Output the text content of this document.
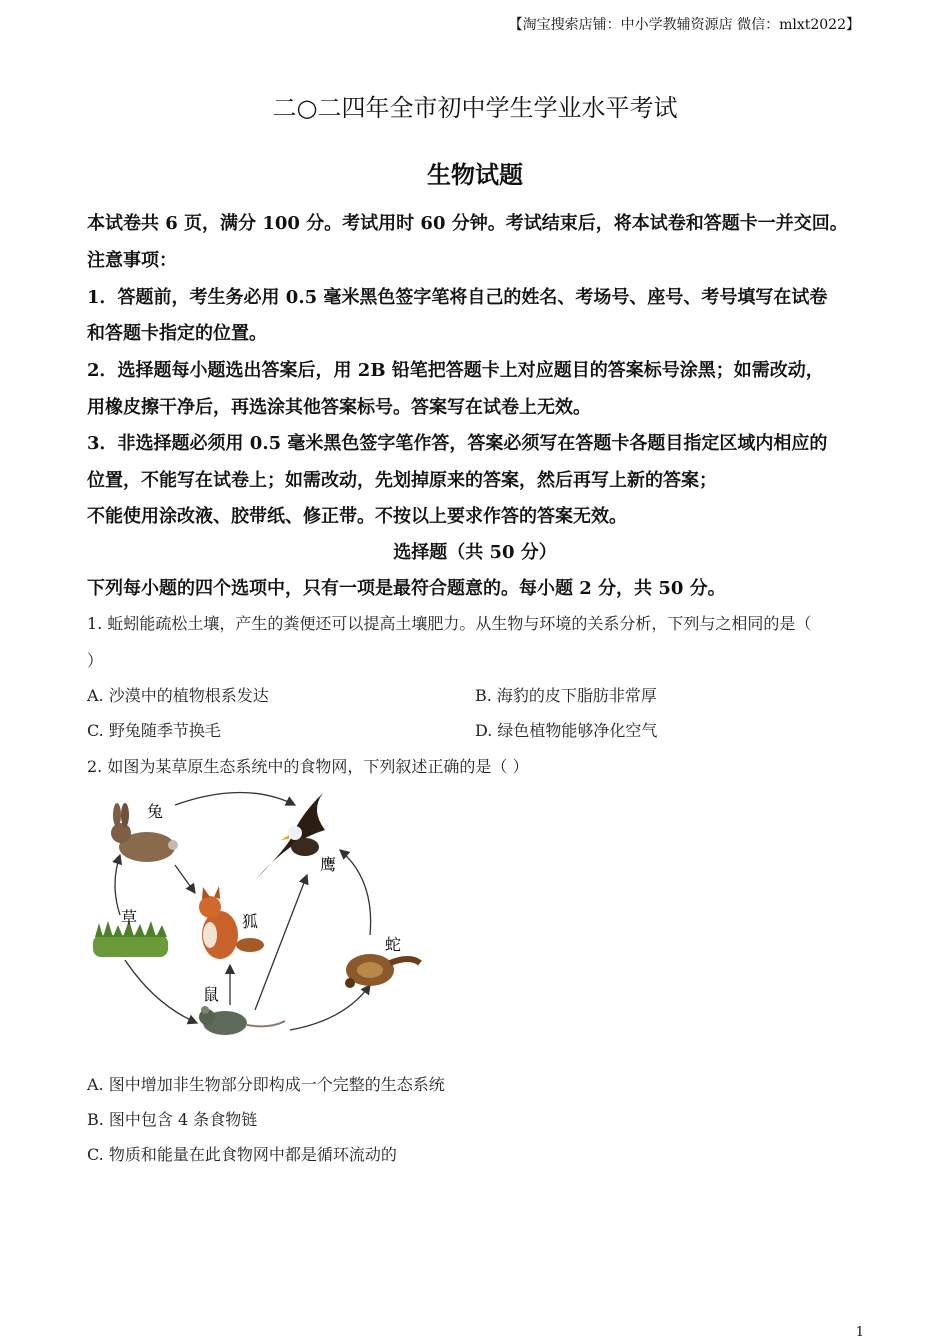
【淘宝搜索店铺：中小学教辅资源店 微信：mlxt2022】
二○二四年全市初中学生学业水平考试
生物试题
本试卷共 6 页，满分 100 分。考试用时 60 分钟。考试结束后，将本试卷和答题卡一并交回。
注意事项：
1．答题前，考生务必用 0.5 毫米黑色签字笔将自己的姓名、考场号、座号、考号填写在试卷
和答题卡指定的位置。
2．选择题每小题选出答案后，用 2B 铅笔把答题卡上对应题目的答案标号涂黑；如需改动，
用橡皮擦干净后，再选涂其他答案标号。答案写在试卷上无效。
3．非选择题必须用 0.5 毫米黑色签字笔作答，答案必须写在答题卡各题目指定区域内相应的
位置，不能写在试卷上；如需改动，先划掉原来的答案，然后再写上新的答案；
不能使用涂改液、胶带纸、修正带。不按以上要求作答的答案无效。
选择题（共 50 分）
下列每小题的四个选项中，只有一项是最符合题意的。每小题 2 分，共 50 分。
1. 蚯蚓能疏松土壤，产生的粪便还可以提高土壤肥力。从生物与环境的关系分析，下列与之相同的是（
）
A. 沙漠中的植物根系发达	B. 海豹的皮下脂肪非常厚
C. 野兔随季节换毛	D. 绿色植物能够净化空气
2. 如图为某草原生态系统中的食物网，下列叙述正确的是（ ）
兔
鹰
草	狐
蛇
鼠
A. 图中增加非生物部分即构成一个完整的生态系统
B. 图中包含 4 条食物链
C. 物质和能量在此食物网中都是循环流动的
1
